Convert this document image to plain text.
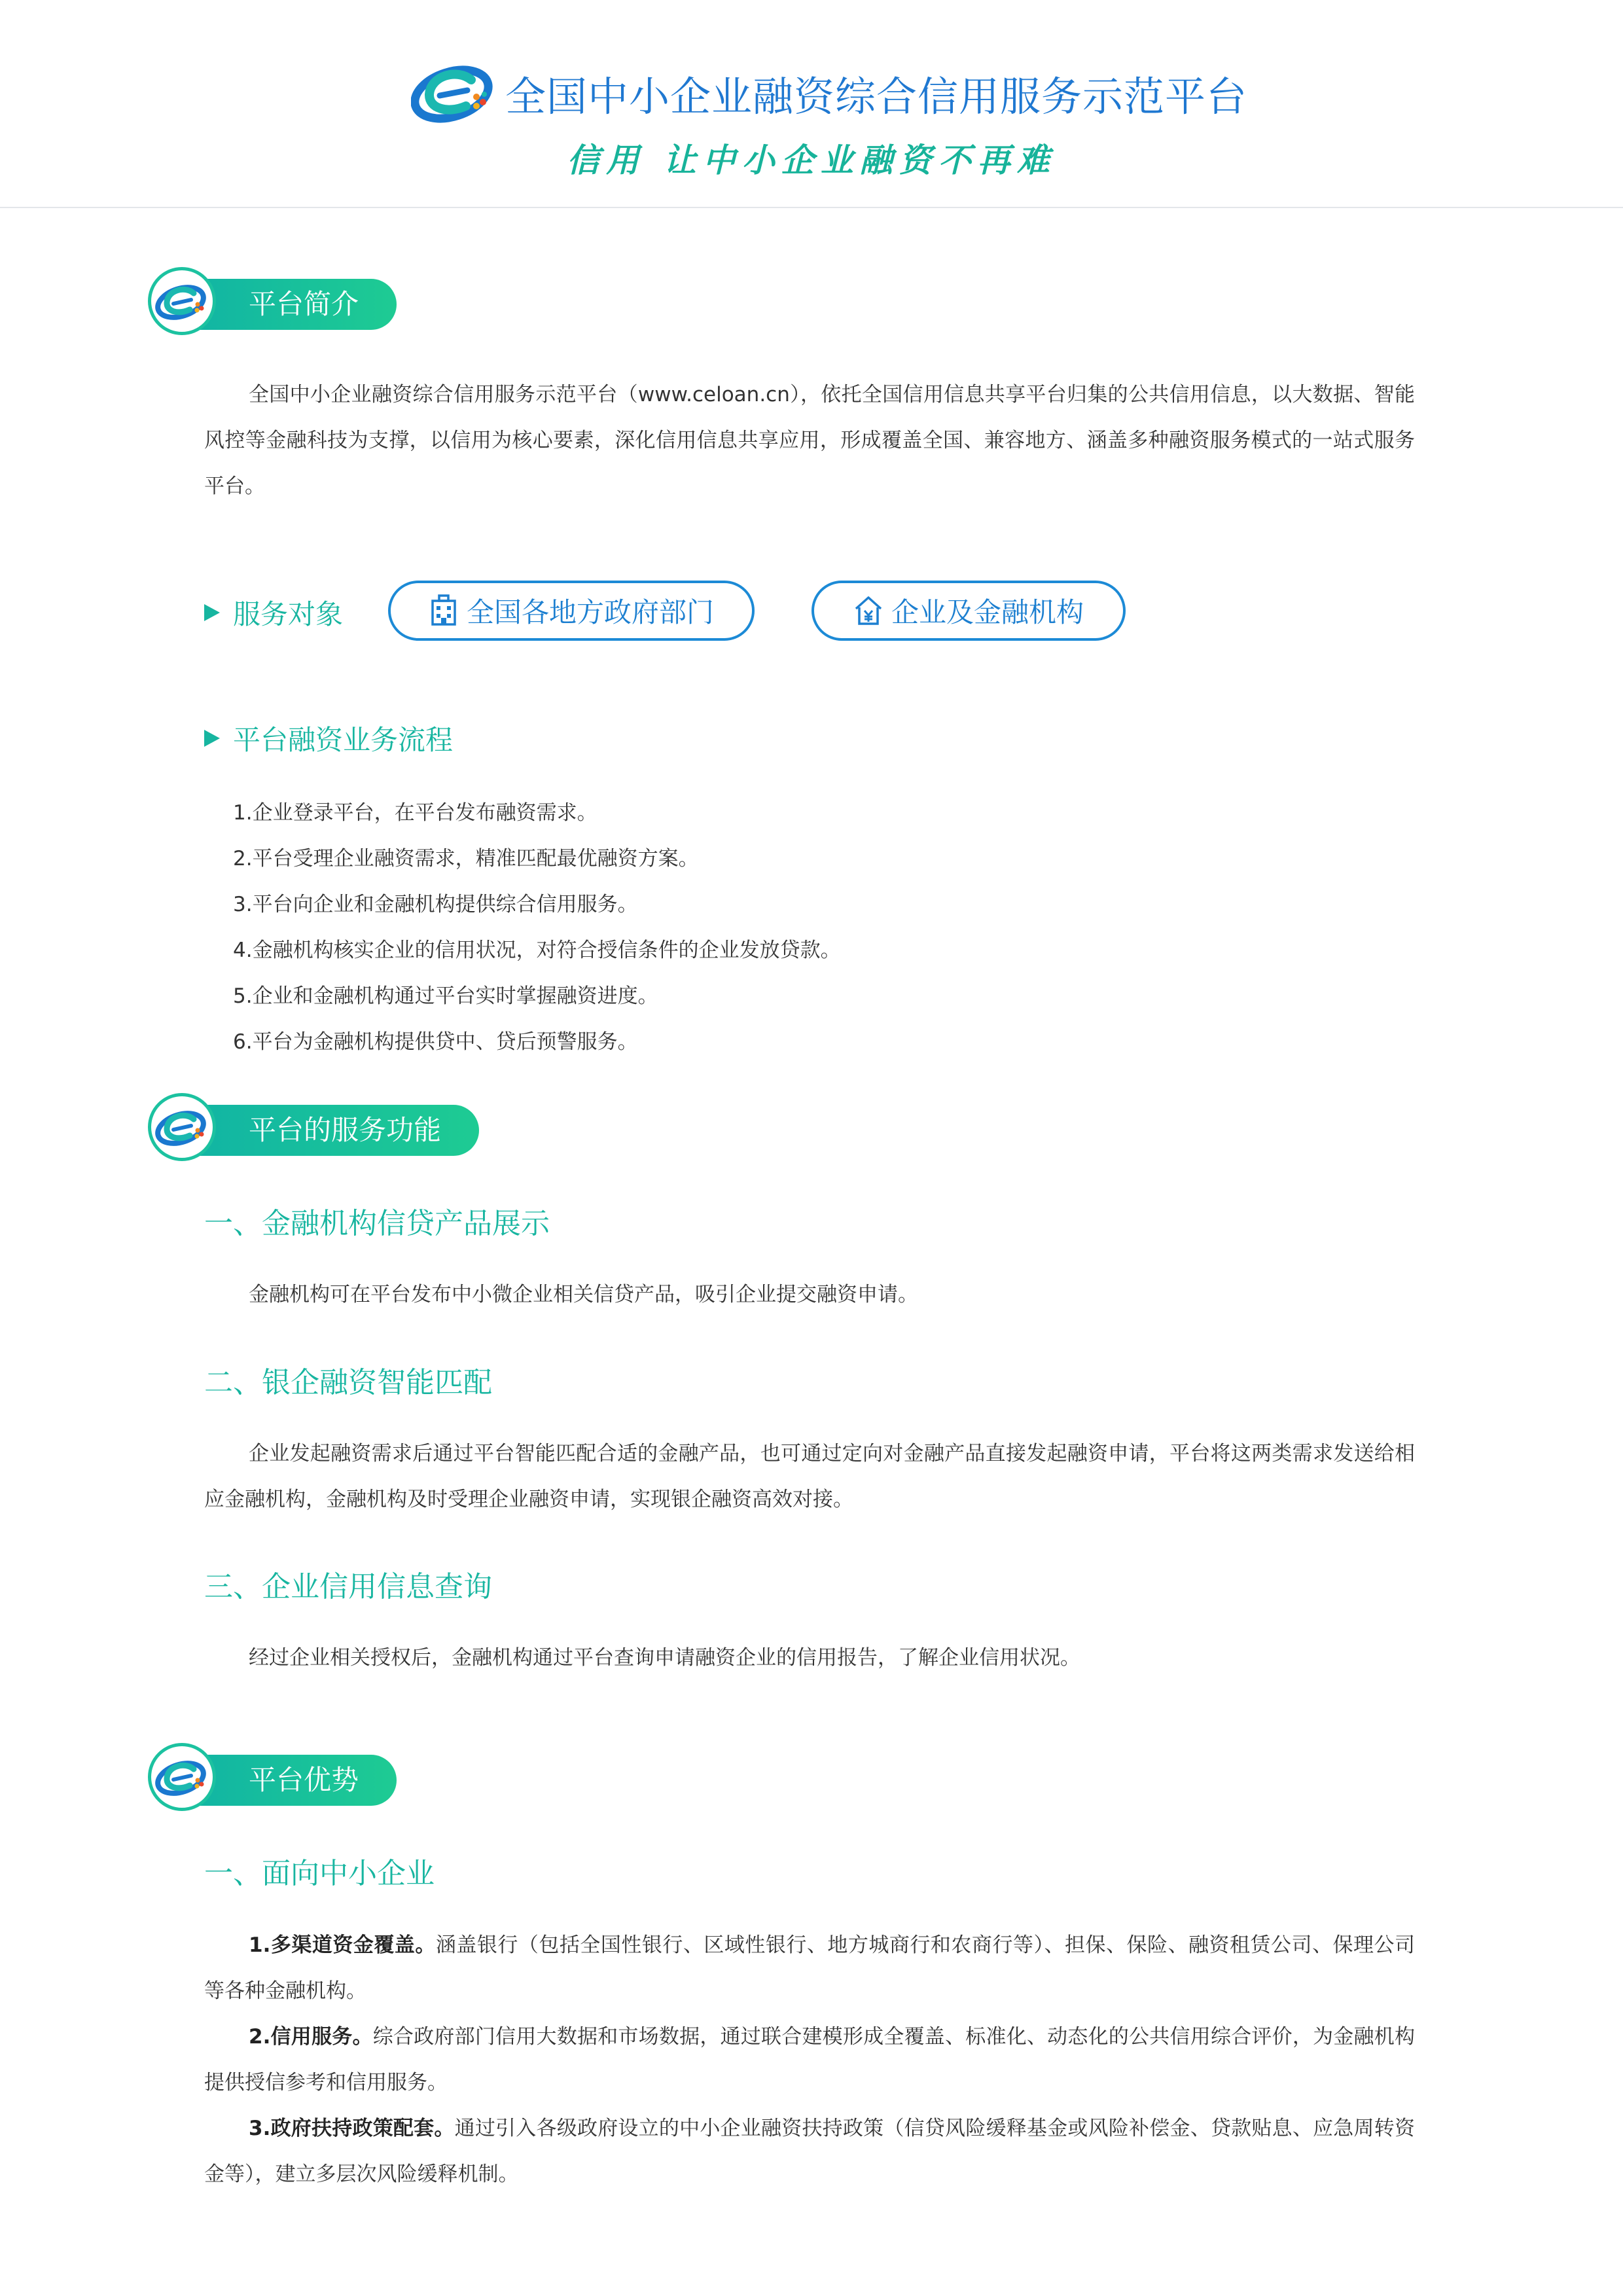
全国中小企业融资综合信用服务示范平台
信用 让中小企业融资不再难
平台简介

全国中小企业融资综合信用服务示范平台（www.celoan.cn），依托全国信用信息共享平台归集的公共信用信息，以大数据、智能风控等金融科技为支撑，以信用为核心要素，深化信用信息共享应用，形成覆盖全国、兼容地方、涵盖多种融资服务模式的一站式服务平台。

服务对象	全国各地方政府部门	企业及金融机构
平台融资业务流程
1.企业登录平台，在平台发布融资需求。
2.平台受理企业融资需求，精准匹配最优融资方案。
3.平台向企业和金融机构提供综合信用服务。
4.金融机构核实企业的信用状况，对符合授信条件的企业发放贷款。
5.企业和金融机构通过平台实时掌握融资进度。
6.平台为金融机构提供贷中、贷后预警服务。
平台的服务功能
一、金融机构信贷产品展示

金融机构可在平台发布中小微企业相关信贷产品，吸引企业提交融资申请。

二、银企融资智能匹配

企业发起融资需求后通过平台智能匹配合适的金融产品，也可通过定向对金融产品直接发起融资申请，平台将这两类需求发送给相应金融机构，金融机构及时受理企业融资申请，实现银企融资高效对接。

三、企业信用信息查询

经过企业相关授权后，金融机构通过平台查询申请融资企业的信用报告，了解企业信用状况。

平台优势
一、面向中小企业

1.多渠道资金覆盖。涵盖银行（包括全国性银行、区域性银行、地方城商行和农商行等）、担保、保险、融资租赁公司、保理公司等各种金融机构。

2.信用服务。综合政府部门信用大数据和市场数据，通过联合建模形成全覆盖、标准化、动态化的公共信用综合评价，为金融机构提供授信参考和信用服务。

3.政府扶持政策配套。通过引入各级政府设立的中小企业融资扶持政策（信贷风险缓释基金或风险补偿金、贷款贴息、应急周转资金等），建立多层次风险缓释机制。
